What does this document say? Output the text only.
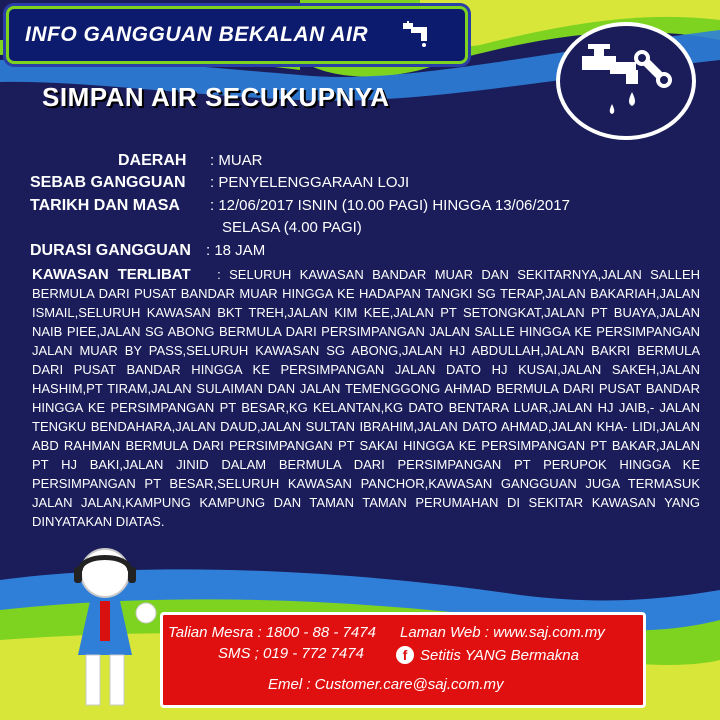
INFO GANGGUAN BEKALAN AIR
SIMPAN AIR SECUKUPNYA
DAERAH : MUAR
SEBAB GANGGUAN : PENYELENGGARAAN LOJI
TARIKH DAN MASA : 12/06/2017 ISNIN (10.00 PAGI) HINGGA 13/06/2017
SELASA (4.00 PAGI)
DURASI GANGGUAN : 18 JAM
KAWASAN TERLIBAT : SELURUH KAWASAN BANDAR MUAR DAN SEKITARNYA,JALAN SALLEH BERMULA DARI PUSAT BANDAR MUAR HINGGA KE HADAPAN TANGKI SG TERAP,JALAN BAKARIAH,JALAN ISMAIL,SELURUH KAWASAN BKT TREH,JALAN KIM KEE,JALAN PT SETONGKAT,JALAN PT BUAYA,JALAN NAIB PIEE,JALAN SG ABONG BERMULA DARI PERSIMPANGAN JALAN SALLE HINGGA KE PERSIMPANGAN JALAN MUAR BY PASS,SELURUH KAWASAN SG ABONG,JALAN HJ ABDULLAH,JALAN BAKRI BERMULA DARI PUSAT BANDAR HINGGA KE PERSIMPANGAN JALAN DATO HJ KUSAI,JALAN SAKEH,JALAN HASHIM,PT TIRAM,JALAN SULAIMAN DAN JALAN TEMENGGONG AHMAD BERMULA DARI PUSAT BANDAR HINGGA KE PERSIMPANGAN PT BESAR,KG KELANTAN,KG DATO BENTARA LUAR,JALAN HJ JAIB,- JALAN TENGKU BENDAHARA,JALAN DAUD,JALAN SULTAN IBRAHIM,JALAN DATO AHMAD,JALAN KHA- LIDI,JALAN ABD RAHMAN BERMULA DARI PERSIMPANGAN PT SAKAI HINGGA KE PERSIMPANGAN PT BAKAR,JALAN PT HJ BAKI,JALAN JINID DALAM BERMULA DARI PERSIMPANGAN PT PERUPOK HINGGA KE PERSIMPANGAN PT BESAR,SELURUH KAWASAN PANCHOR,KAWASAN GANGGUAN JUGA TERMASUK JALAN JALAN,KAMPUNG KAMPUNG DAN TAMAN TAMAN PERUMAHAN DI SEKITAR KAWASAN YANG DINYATAKAN DIATAS.
Talian Mesra : 1800 - 88 - 7474 Laman Web : www.saj.com.my
SMS ; 019 - 772 7474	f Setitis YANG Bermakna
Emel : Customer.care@saj.com.my
